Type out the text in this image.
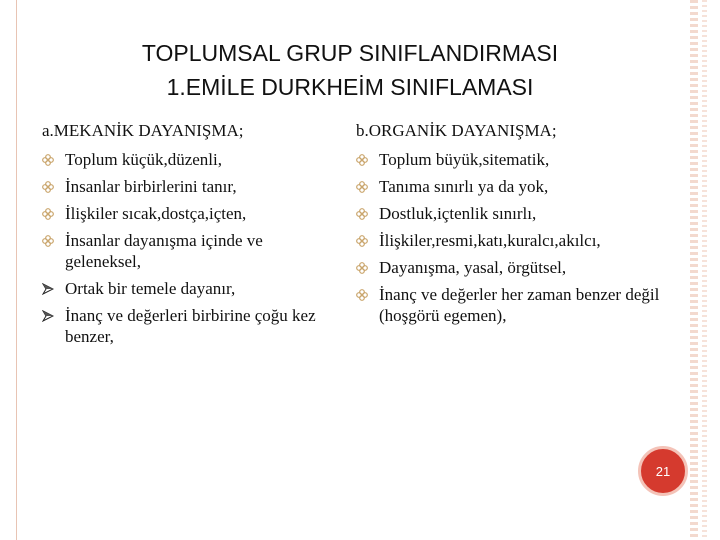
TOPLUMSAL GRUP SINIFLANDIRMASI
1.EMİLE DURKHEİM SINIFLAMASI
a.MEKANİK DAYANIŞMA;
Toplum küçük,düzenli,
İnsanlar birbirlerini tanır,
İlişkiler sıcak,dostça,içten,
İnsanlar dayanışma içinde ve geleneksel,
Ortak bir temele dayanır,
İnanç ve değerleri birbirine çoğu kez benzer,
b.ORGANİK DAYANIŞMA;
Toplum büyük,sitematik,
Tanıma sınırlı ya da yok,
Dostluk,içtenlik sınırlı,
İlişkiler,resmi,katı,kuralcı,akılcı,
Dayanışma, yasal, örgütsel,
İnanç ve değerler her zaman benzer değil (hoşgörü egemen),
21
